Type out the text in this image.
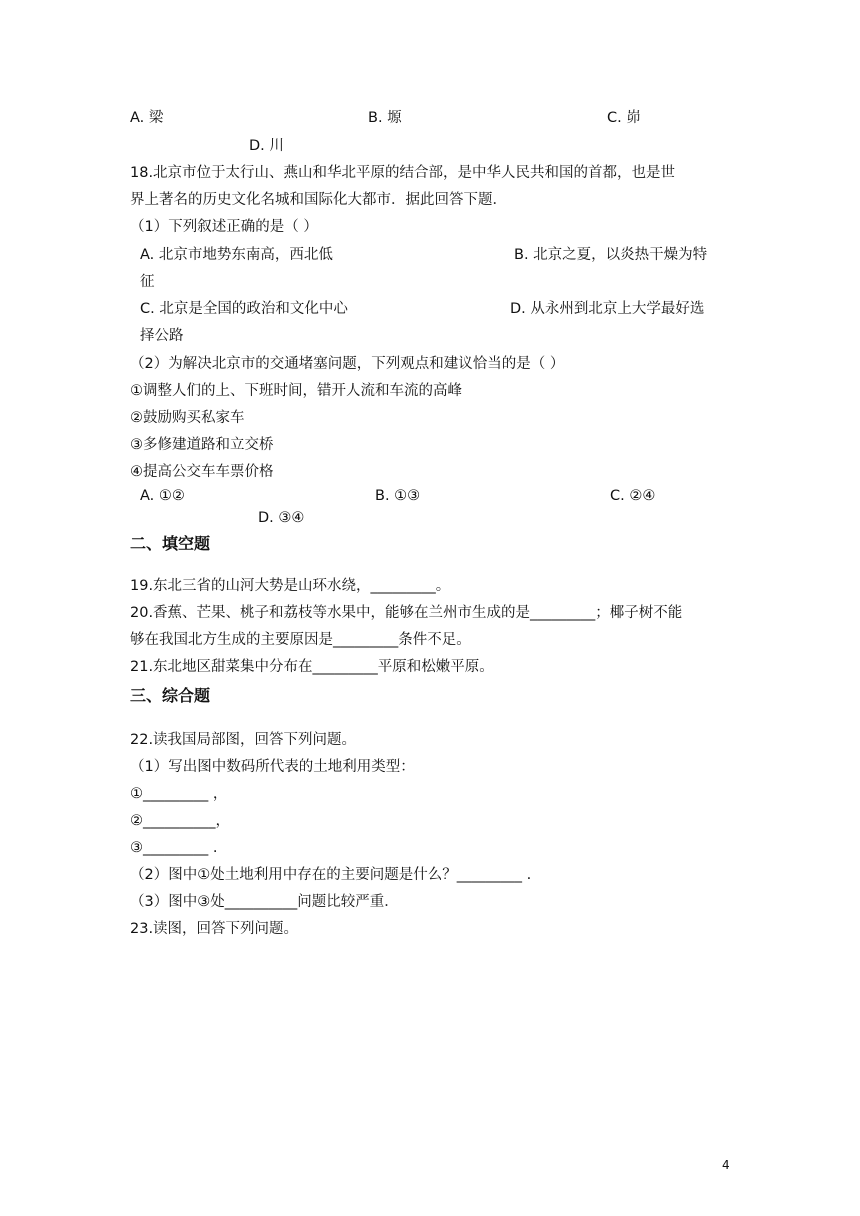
A. 梁	B. 塬	C. 峁
D. 川
18.北京市位于太行山、燕山和华北平原的结合部，是中华人民共和国的首都，也是世
界上著名的历史文化名城和国际化大都市．据此回答下题．
（1）下列叙述正确的是（ ）
A. 北京市地势东南高，西北低	B. 北京之夏，以炎热干燥为特
征
C. 北京是全国的政治和文化中心	D. 从永州到北京上大学最好选
择公路
（2）为解决北京市的交通堵塞问题，下列观点和建议恰当的是（ ）
①调整人们的上、下班时间，错开人流和车流的高峰
②鼓励购买私家车
③多修建道路和立交桥
④提高公交车车票价格
A. ①②	B. ①③	C. ②④
D. ③④
二、填空题
19.东北三省的山河大势是山环水绕，_________。
20.香蕉、芒果、桃子和荔枝等水果中，能够在兰州市生成的是_________；椰子树不能
够在我国北方生成的主要原因是_________条件不足。
21.东北地区甜菜集中分布在_________平原和松嫩平原。
三、综合题
22.读我国局部图，回答下列问题。
（1）写出图中数码所代表的土地利用类型：
①_________ ，
②__________，
③_________ .
（2）图中①处土地利用中存在的主要问题是什么？_________ .
（3）图中③处__________问题比较严重．
23.读图，回答下列问题。
4
